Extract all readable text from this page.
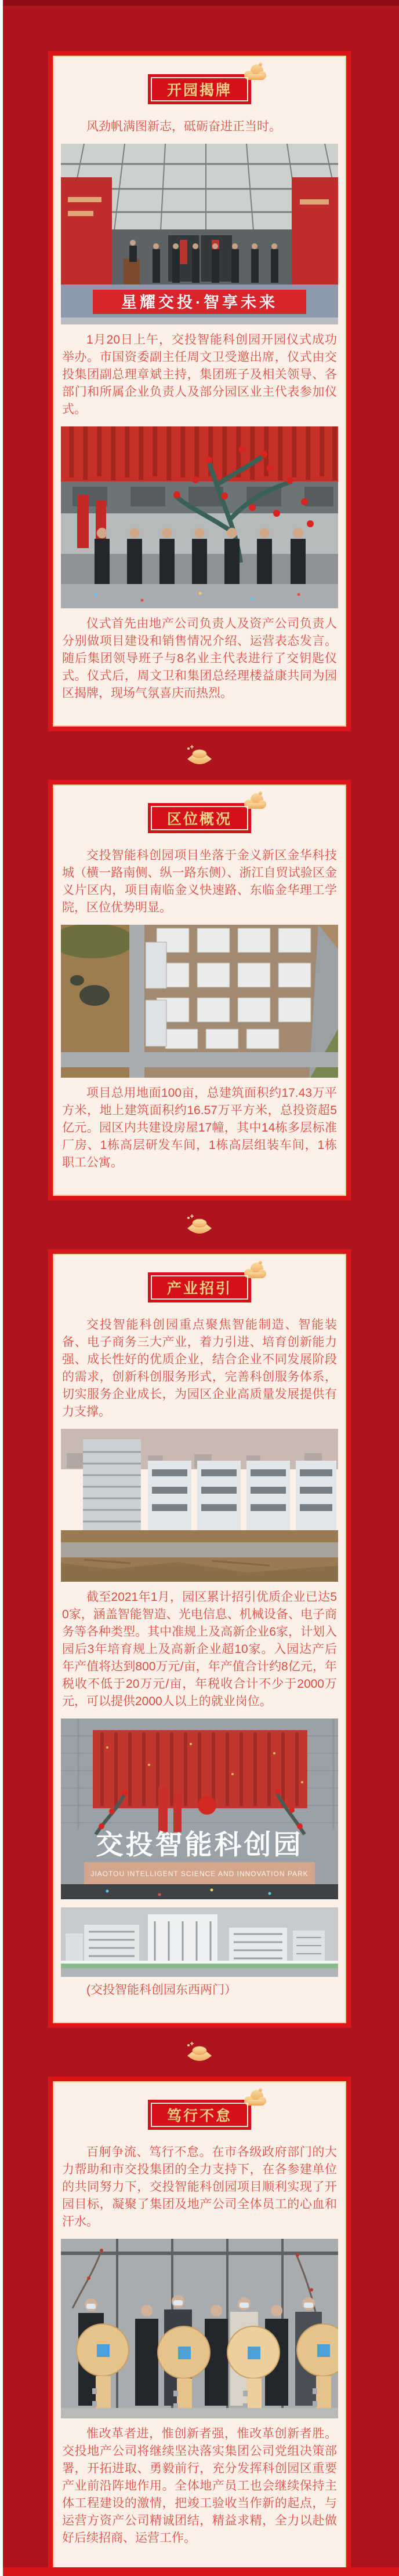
开园揭牌

风劲帆满图新志，砥砺奋进正当时。

星耀交投·智享未来

1月20日上午，交投智能科创园开园仪式成功举办。市国资委副主任周文卫受邀出席，仪式由交投集团副总理章斌主持，集团班子及相关领导、各部门和所属企业负责人及部分园区业主代表参加仪式。

仪式首先由地产公司负责人及资产公司负责人分别做项目建设和销售情况介绍、运营表态发言。随后集团领导班子与8名业主代表进行了交钥匙仪式。仪式后，周文卫和集团总经理楼益康共同为园区揭牌，现场气氛喜庆而热烈。

区位概况

交投智能科创园项目坐落于金义新区金华科技城（横一路南侧、纵一路东侧）、浙江自贸试验区金义片区内，项目南临金义快速路、东临金华理工学院，区位优势明显。

项目总用地面100亩，总建筑面积约17.43万平方米，地上建筑面积约16.57万平方米，总投资超5亿元。园区内共建设房屋17幢，其中14栋多层标准厂房、1栋高层研发车间，1栋高层组装车间，1栋职工公寓。

产业招引

交投智能科创园重点聚焦智能制造、智能装备、电子商务三大产业，着力引进、培育创新能力强、成长性好的优质企业，结合企业不同发展阶段的需求，创新科创服务形式，完善科创服务体系，切实服务企业成长，为园区企业高质量发展提供有力支撑。

截至2021年1月，园区累计招引优质企业已达50家，涵盖智能智造、光电信息、机械设备、电子商务等各种类型。其中准规上及高新企业6家，计划入园后3年培育规上及高新企业超10家。入园达产后年产值将达到800万元/亩，年产值合计约8亿元，年税收不低于20万元/亩，年税收合计不少于2000万元，可以提供2000人以上的就业岗位。

交投智能科创园
JIAOTOU INTELLIGENT SCIENCE AND INNOVATION PARK

(交投智能科创园东西两门）

笃行不怠

百舸争流、笃行不怠。在市各级政府部门的大力帮助和市交投集团的全力支持下，在各参建单位的共同努力下，交投智能科创园项目顺利实现了开园目标，凝聚了集团及地产公司全体员工的心血和汗水。

惟改革者进，惟创新者强，惟改革创新者胜。交投地产公司将继续坚决落实集团公司党组决策部署，开拓进取、勇毅前行，充分发挥科创园区重要产业前沿阵地作用。全体地产员工也会继续保持主体工程建设的激情，把竣工验收当作新的起点，与运营方资产公司精诚团结，精益求精，全力以赴做好后续招商、运营工作。
